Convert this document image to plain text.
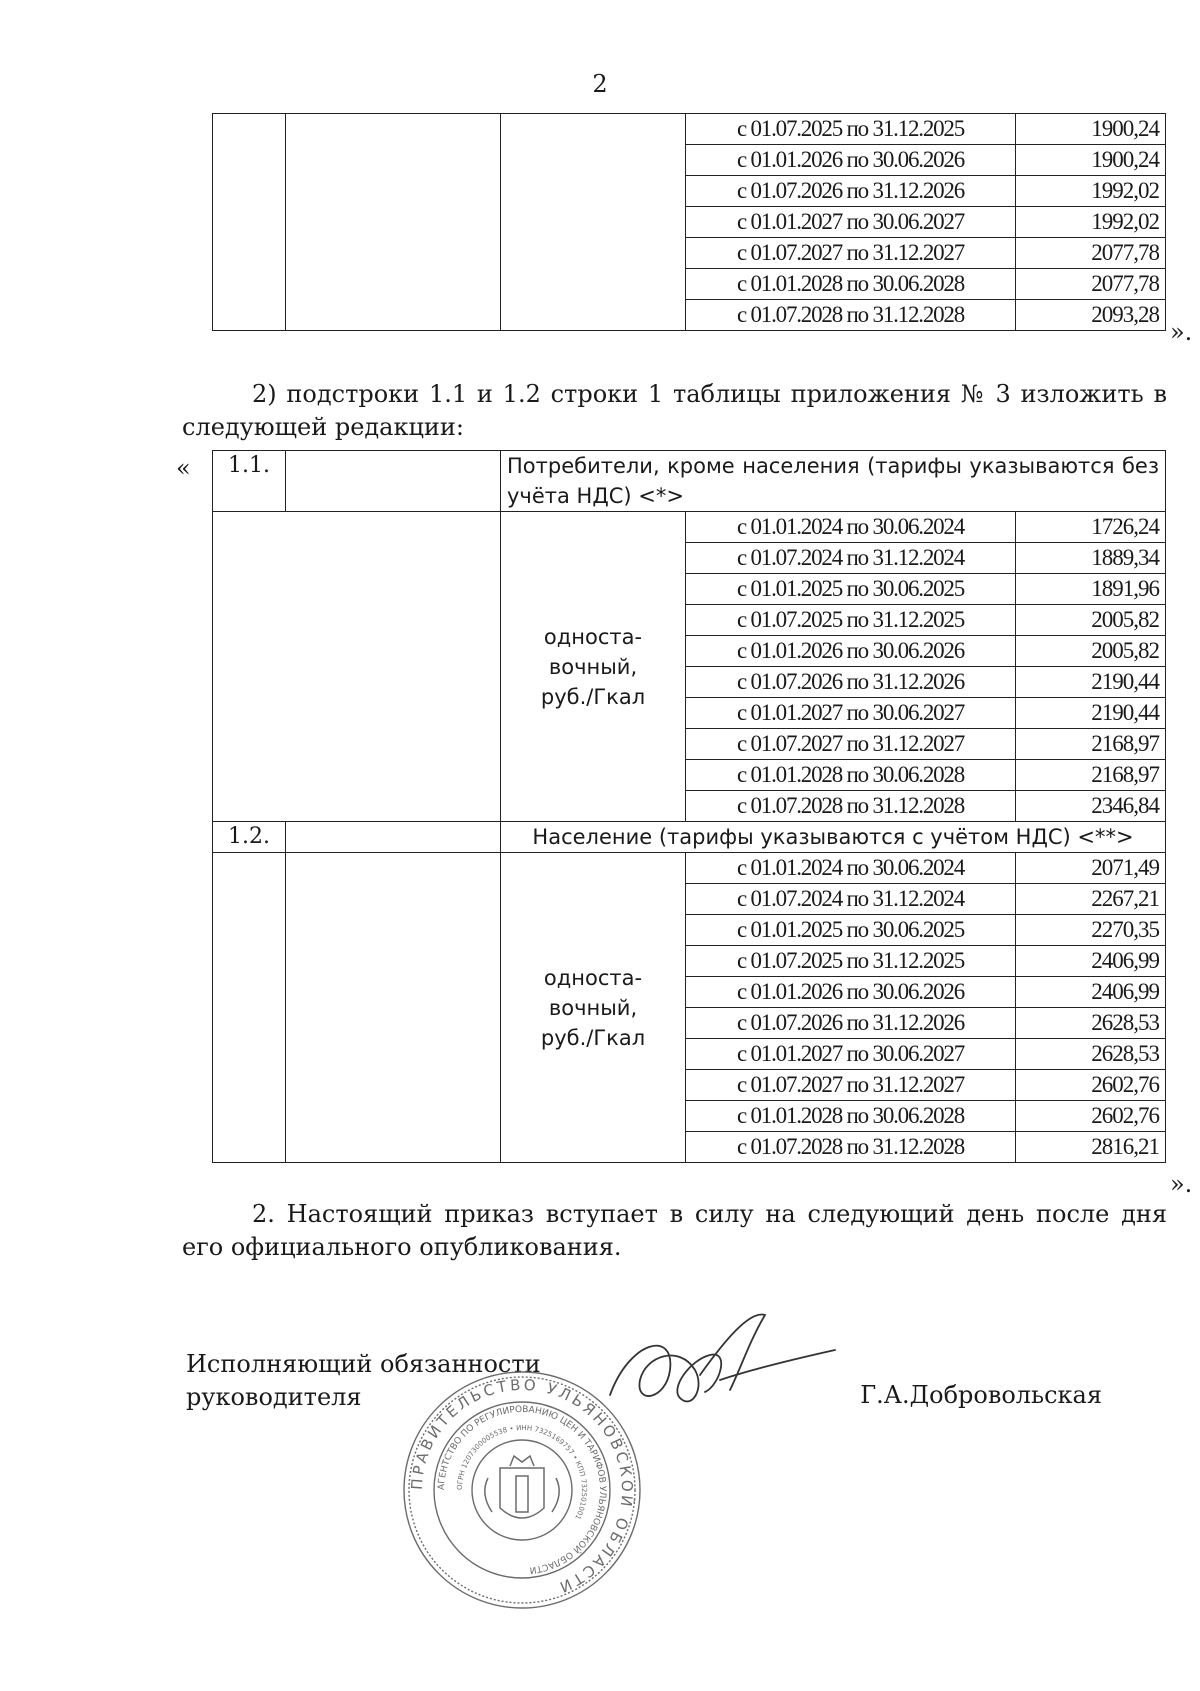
2
			с 01.07.2025 по 31.12.2025	1900,24
			с 01.01.2026 по 30.06.2026	1900,24
			с 01.07.2026 по 31.12.2026	1992,02
			с 01.01.2027 по 30.06.2027	1992,02
			с 01.07.2027 по 31.12.2027	2077,78
			с 01.01.2028 по 30.06.2028	2077,78
			с 01.07.2028 по 31.12.2028	2093,28
».
2) подстроки 1.1 и 1.2 строки 1 таблицы приложения № 3 изложить в следующей редакции:
« 1.1.		Потребители, кроме населения (тарифы указываются без учёта НДС) <*>		

		односта-
вочный,
руб./Гкал	с 01.01.2024 по 30.06.2024	1726,24
			с 01.07.2024 по 31.12.2024	1889,34
			с 01.01.2025 по 30.06.2025	1891,96
			с 01.07.2025 по 31.12.2025	2005,82
			с 01.01.2026 по 30.06.2026	2005,82
			с 01.07.2026 по 31.12.2026	2190,44
			с 01.01.2027 по 30.06.2027	2190,44
			с 01.07.2027 по 31.12.2027	2168,97
			с 01.01.2028 по 30.06.2028	2168,97
			с 01.07.2028 по 31.12.2028	2346,84
1.2.		Население (тарифы указываются с учётом НДС) <**>		

		односта-
вочный,
руб./Гкал	с 01.01.2024 по 30.06.2024	2071,49
			с 01.07.2024 по 31.12.2024	2267,21
			с 01.01.2025 по 30.06.2025	2270,35
			с 01.07.2025 по 31.12.2025	2406,99
			с 01.01.2026 по 30.06.2026	2406,99
			с 01.07.2026 по 31.12.2026	2628,53
			с 01.01.2027 по 30.06.2027	2628,53
			с 01.07.2027 по 31.12.2027	2602,76
			с 01.01.2028 по 30.06.2028	2602,76
			с 01.07.2028 по 31.12.2028	2816,21
».
2. Настоящий приказ вступает в силу на следующий день после дня его официального опубликования.
Исполняющий обязанности
руководителя	Г.А.Добровольская
ПРАВИТЕЛЬСТВО УЛЬЯНОВСКОЙ ОБЛАСТИ
АГЕНТСТВО ПО РЕГУЛИРОВАНИЮ ЦЕН И ТАРИФОВ УЛЬЯНОВСКОЙ ОБЛАСТИ
ОГРН 1207300005538 • ИНН 7325169757 • КПП 732501001
